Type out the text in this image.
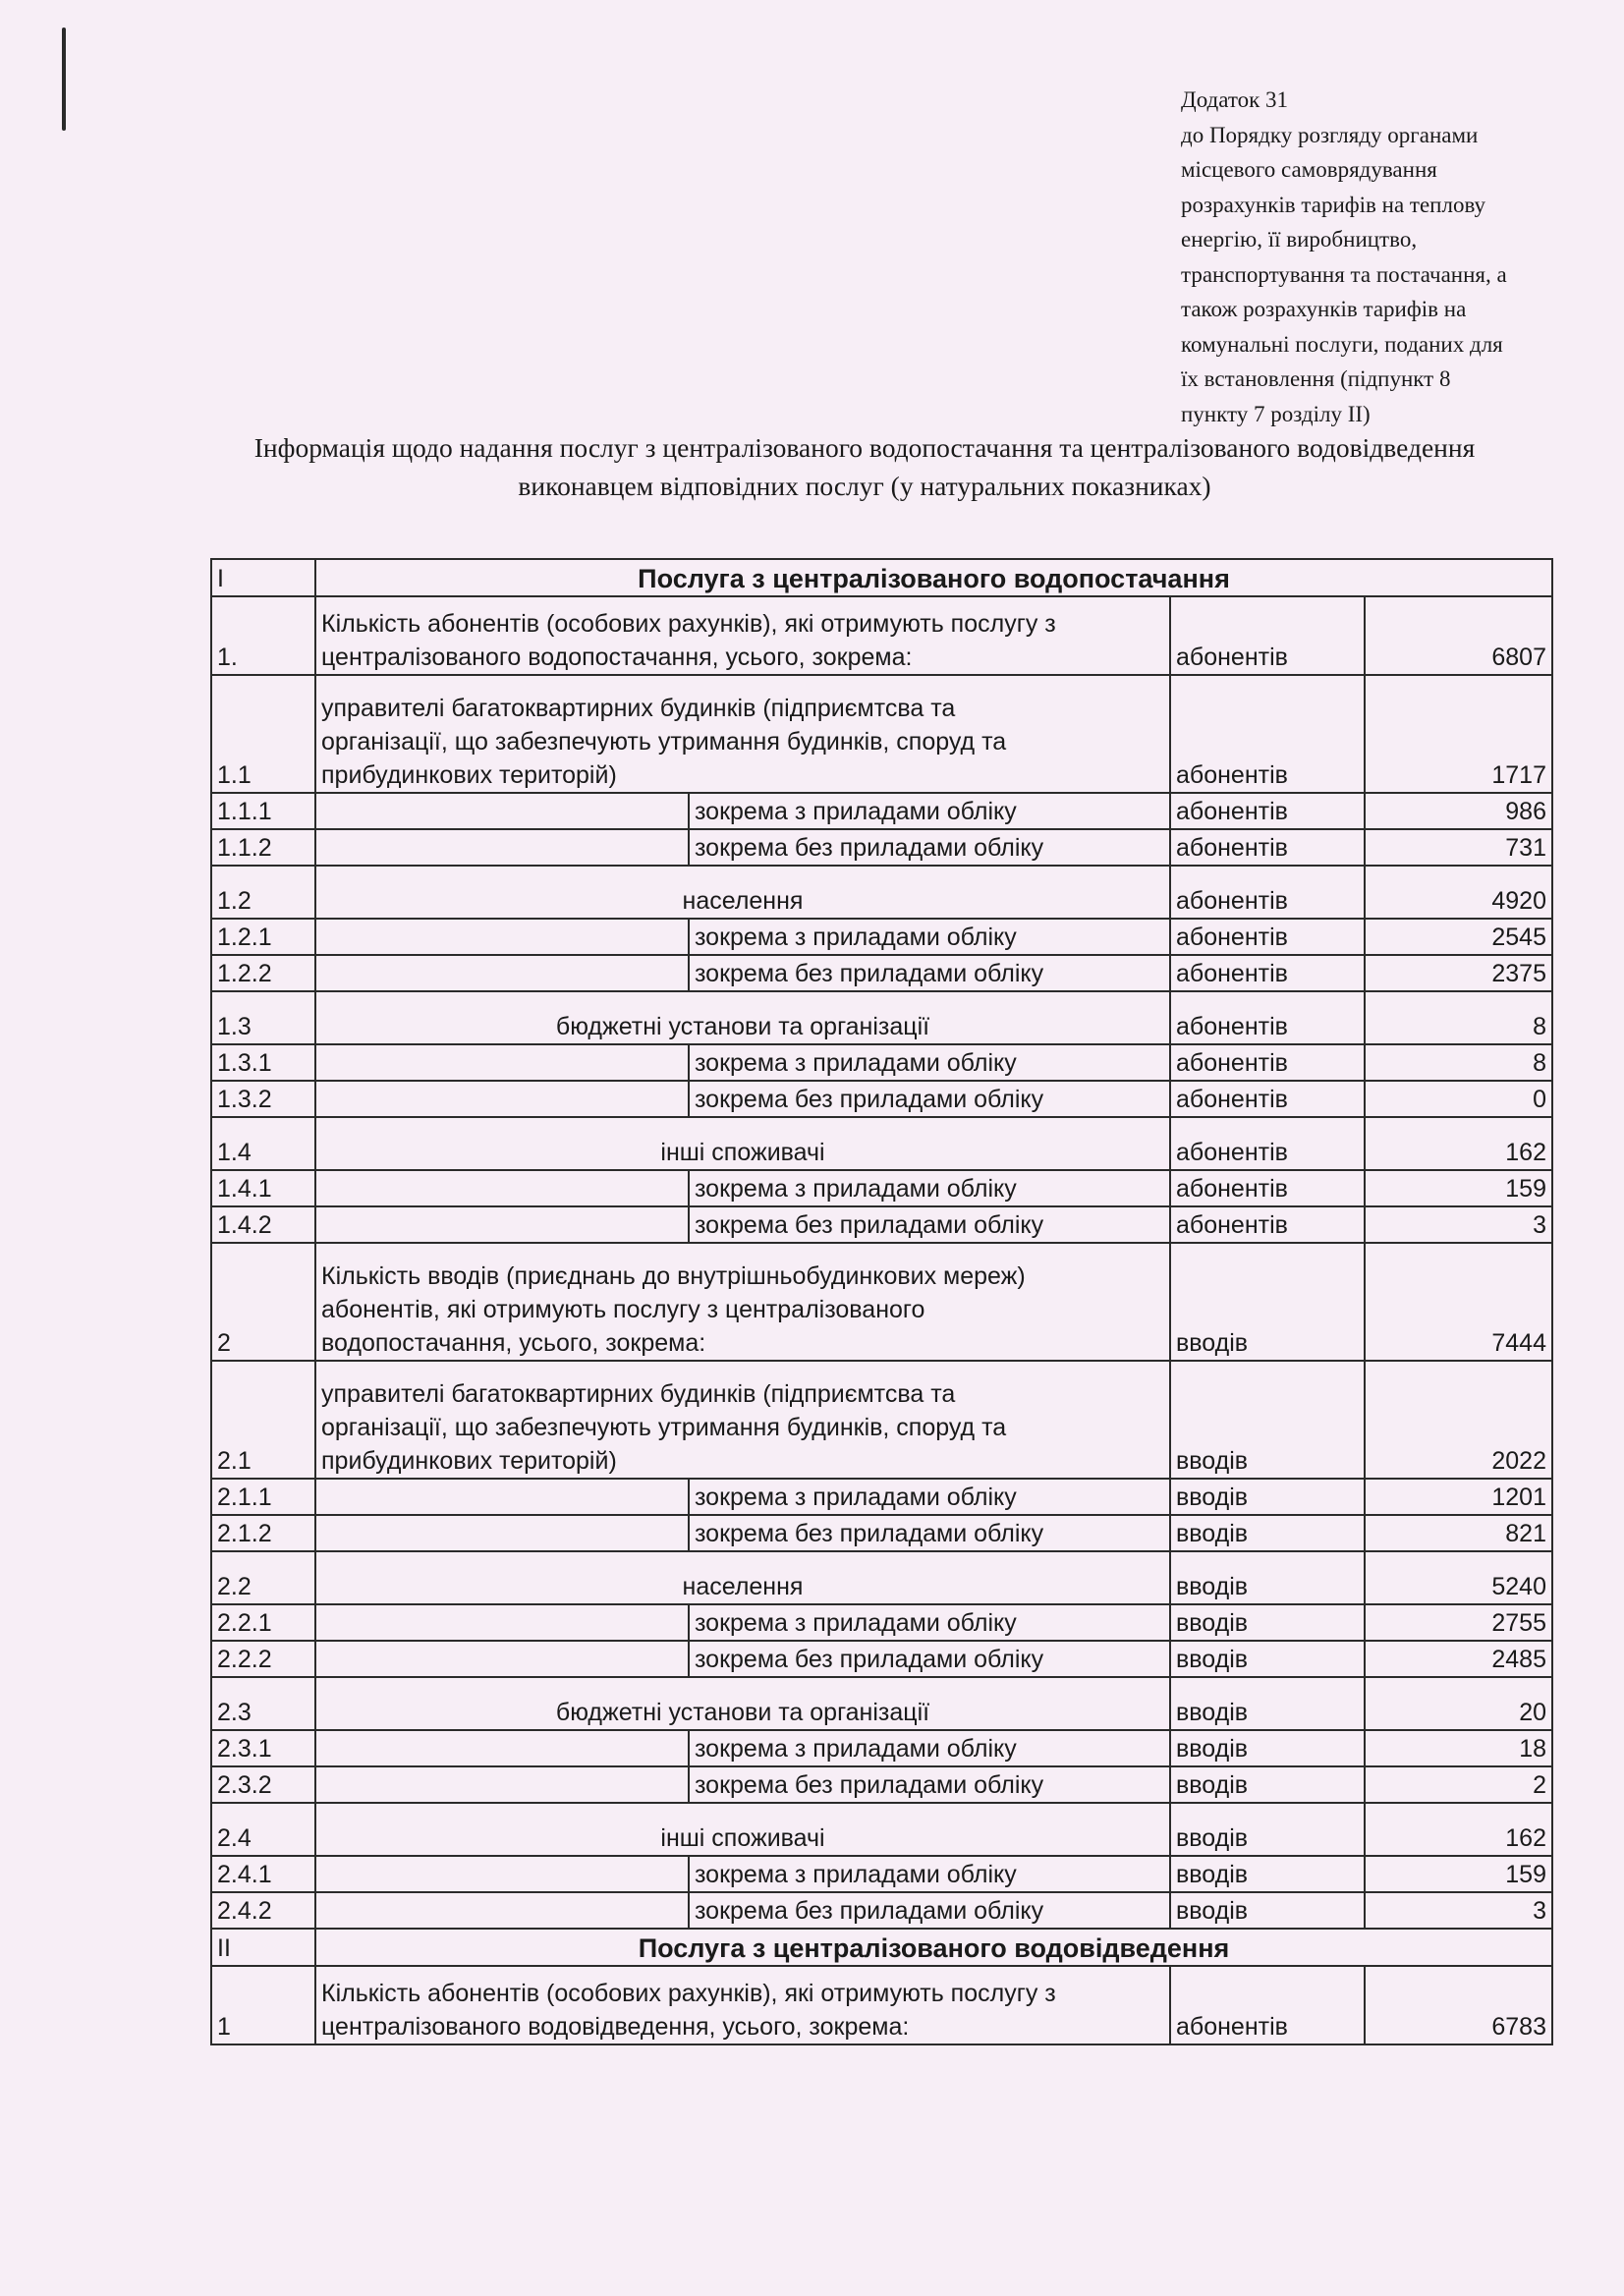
Додаток 31
до Порядку розгляду органами
місцевого самоврядування
розрахунків тарифів на теплову
енергію, її виробництво,
транспортування та постачання, а
також розрахунків тарифів на
комунальні послуги, поданих для
їх встановлення (підпункт 8
пункту 7 розділу II)
Інформація щодо надання послуг з централізованого водопостачання та централізованого водовідведення
виконавцем відповідних послуг (у натуральних показниках)
I	Послуга з централізованого водопостачання			
1.	Кількість абонентів (особових рахунків), які отримують послугу з
централізованого водопостачання, усього, зокрема:		абонентів	6807
1.1	управителі багатоквартирних будинків (підприємтсва та
організації, що забезпечують утримання будинків, споруд та
прибудинкових територій)		абонентів	1717
1.1.1		зокрема з приладами обліку	абонентів	986
1.1.2		зокрема без приладами обліку	абонентів	731
1.2	населення		абонентів	4920
1.2.1		зокрема з приладами обліку	абонентів	2545
1.2.2		зокрема без приладами обліку	абонентів	2375
1.3	бюджетні установи та організації		абонентів	8
1.3.1		зокрема з приладами обліку	абонентів	8
1.3.2		зокрема без приладами обліку	абонентів	0
1.4	інші споживачі		абонентів	162
1.4.1		зокрема з приладами обліку	абонентів	159
1.4.2		зокрема без приладами обліку	абонентів	3
2	Кількість вводів (приєднань до внутрішньобудинкових мереж)
абонентів, які отримують послугу з централізованого
водопостачання, усього, зокрема:		вводів	7444
2.1	управителі багатоквартирних будинків (підприємтсва та
організації, що забезпечують утримання будинків, споруд та
прибудинкових територій)		вводів	2022
2.1.1		зокрема з приладами обліку	вводів	1201
2.1.2		зокрема без приладами обліку	вводів	821
2.2	населення		вводів	5240
2.2.1		зокрема з приладами обліку	вводів	2755
2.2.2		зокрема без приладами обліку	вводів	2485
2.3	бюджетні установи та організації		вводів	20
2.3.1		зокрема з приладами обліку	вводів	18
2.3.2		зокрема без приладами обліку	вводів	2
2.4	інші споживачі		вводів	162
2.4.1		зокрема з приладами обліку	вводів	159
2.4.2		зокрема без приладами обліку	вводів	3
II	Послуга з централізованого водовідведення			
1	Кількість абонентів (особових рахунків), які отримують послугу з
централізованого водовідведення, усього, зокрема:		абонентів	6783
